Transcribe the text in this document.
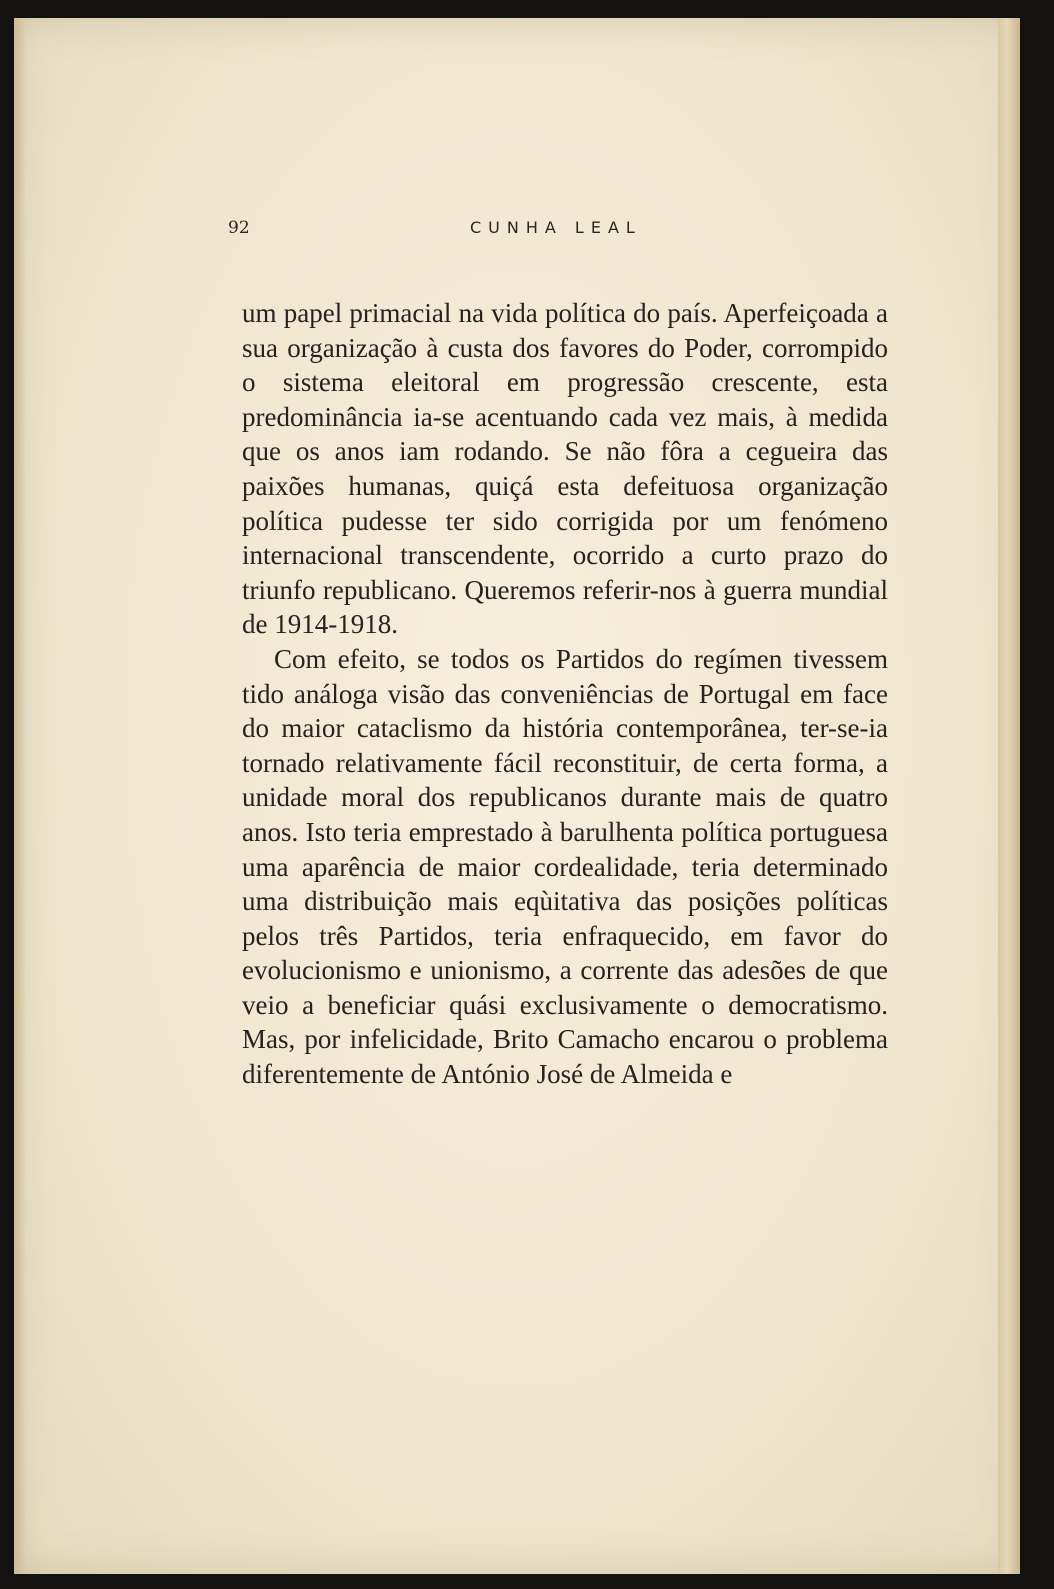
92	CUNHA LEAL

um papel primacial na vida política do país. Aperfeiçoada a sua organização à custa dos favores do Poder, corrompido o sistema eleitoral em progressão crescente, esta predominância ia-se acentuando cada vez mais, à medida que os anos iam rodando. Se não fôra a cegueira das paixões humanas, quiçá esta defeituosa organização política pudesse ter sido corrigida por um fenómeno internacional transcendente, ocorrido a curto prazo do triunfo republicano. Queremos referir-nos à guerra mundial de 1914-1918.

Com efeito, se todos os Partidos do regímen tivessem tido análoga visão das conveniências de Portugal em face do maior cataclismo da história contemporânea, ter-se-ia tornado relativamente fácil reconstituir, de certa forma, a unidade moral dos republicanos durante mais de quatro anos. Isto teria emprestado à barulhenta política portuguesa uma aparência de maior cordealidade, teria determinado uma distribuição mais eqùitativa das posições políticas pelos três Partidos, teria enfraquecido, em favor do evolucionismo e unionismo, a corrente das adesões de que veio a beneficiar quási exclusivamente o democratismo. Mas, por infelicidade, Brito Camacho encarou o problema diferentemente de António José de Almeida e
